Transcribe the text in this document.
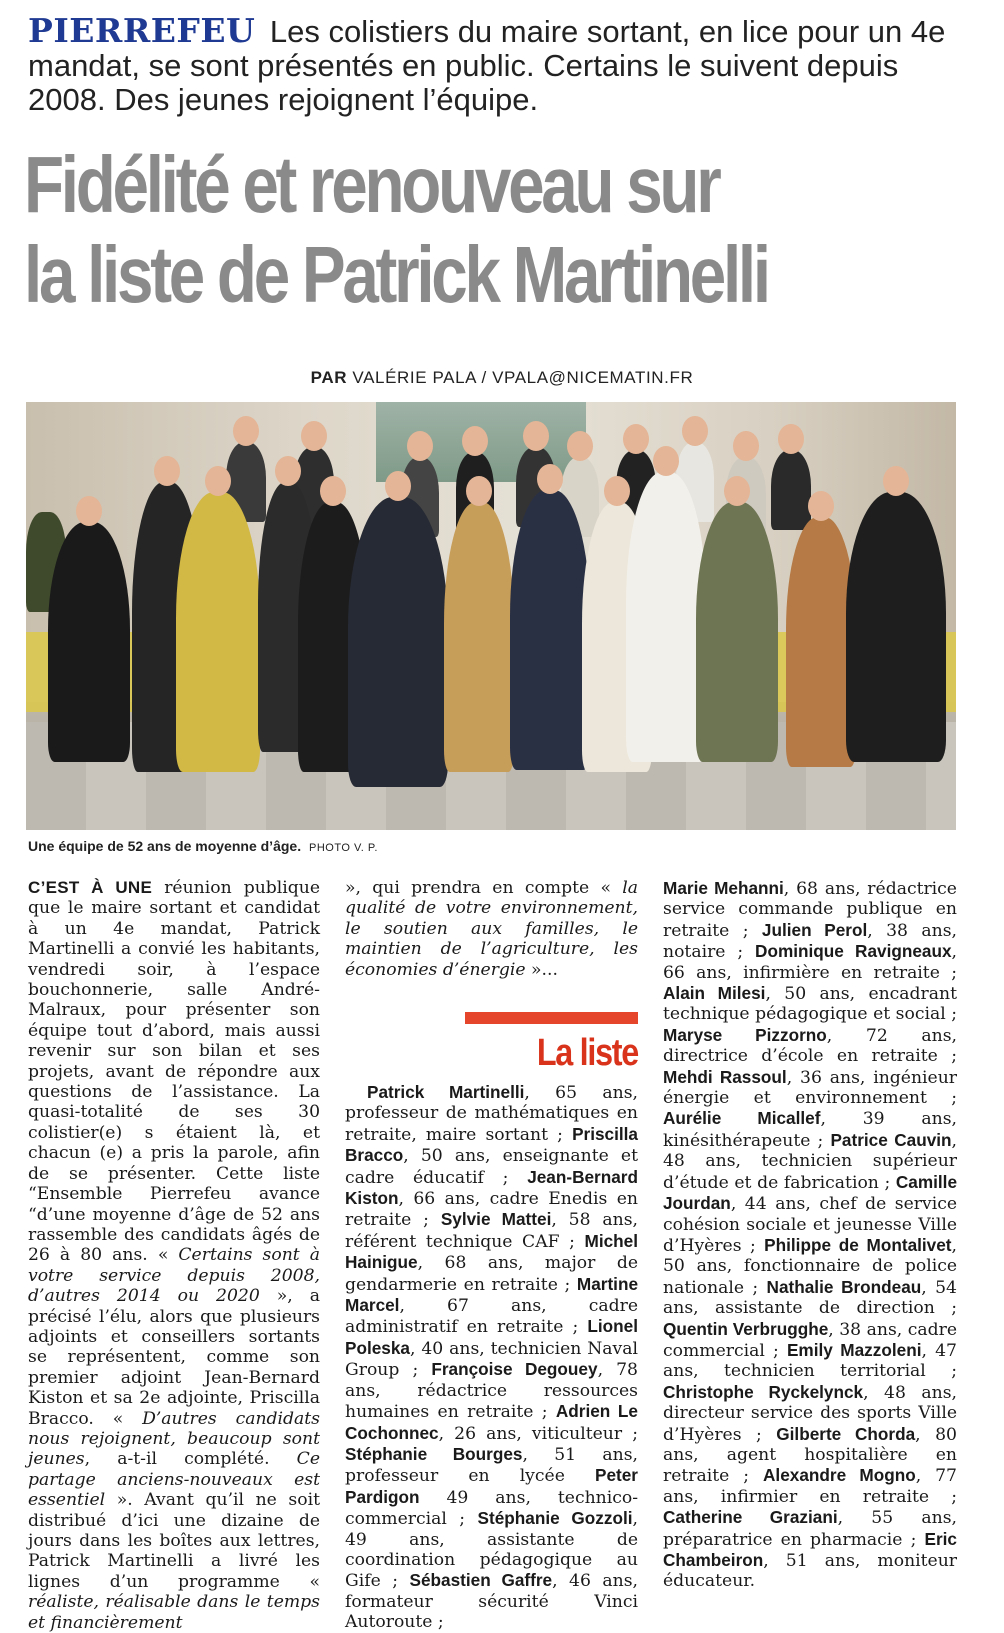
PIERREFEU Les colistiers du maire sortant, en lice pour un 4e mandat, se sont présentés en public. Certains le suivent depuis 2008. Des jeunes rejoignent l’équipe.
Fidélité et renouveau sur
la liste de Patrick Martinelli
PAR VALÉRIE PALA / VPALA@NICEMATIN.FR
Une équipe de 52 ans de moyenne d’âge. PHOTO V. P.
C’EST À UNE réunion publique que le maire sortant et candidat à un 4e mandat, Patrick Martinelli a convié les habitants, vendredi soir, à l’espace bouchonnerie, salle André-Malraux, pour présenter son équipe tout d’abord, mais aussi revenir sur son bilan et ses projets, avant de répondre aux questions de l’assistance. La quasi-totalité de ses 30 colistier(e) s étaient là, et chacun (e) a pris la parole, afin de se présenter. Cette liste “Ensemble Pierrefeu avance “d’une moyenne d’âge de 52 ans rassemble des candidats âgés de 26 à 80 ans. « Certains sont à votre service depuis 2008, d’autres 2014 ou 2020 », a précisé l’élu, alors que plusieurs adjoints et conseillers sortants se représentent, comme son premier adjoint Jean-Bernard Kiston et sa 2e adjointe, Priscilla Bracco. « D’autres candidats nous rejoignent, beaucoup sont jeunes, a-t-il complété. Ce partage anciens-nouveaux est essentiel ». Avant qu’il ne soit distribué d’ici une dizaine de jours dans les boîtes aux lettres, Patrick Martinelli a livré les lignes d’un programme « réaliste, réalisable dans le temps et financièrement
», qui prendra en compte « la qualité de votre environnement, le soutien aux familles, le maintien de l’agriculture, les économies d’énergie »...
La liste
Patrick Martinelli, 65 ans, professeur de mathématiques en retraite, maire sortant ; Priscilla Bracco, 50 ans, enseignante et cadre éducatif ; Jean-Bernard Kiston, 66 ans, cadre Enedis en retraite ; Sylvie Mattei, 58 ans, référent technique CAF ; Michel Hainigue, 68 ans, major de gendarmerie en retraite ; Martine Marcel, 67 ans, cadre administratif en retraite ; Lionel Poleska, 40 ans, technicien Naval Group ; Françoise Degouey, 78 ans, rédactrice ressources humaines en retraite ; Adrien Le Cochonnec, 26 ans, viticulteur ; Stéphanie Bourges, 51 ans, professeur en lycée Peter Pardigon 49 ans, technico-commercial ; Stéphanie Gozzoli, 49 ans, assistante de coordination pédagogique au Gife ; Sébastien Gaffre, 46 ans, formateur sécurité Vinci Autoroute ;
Marie Mehanni, 68 ans, rédactrice service commande publique en retraite ; Julien Perol, 38 ans, notaire ; Dominique Ravigneaux, 66 ans, infirmière en retraite ; Alain Milesi, 50 ans, encadrant technique pédagogique et social ; Maryse Pizzorno, 72 ans, directrice d’école en retraite ; Mehdi Rassoul, 36 ans, ingénieur énergie et environnement ; Aurélie Micallef, 39 ans, kinésithérapeute ; Patrice Cauvin, 48 ans, technicien supérieur d’étude et de fabrication ; Camille Jourdan, 44 ans, chef de service cohésion sociale et jeunesse Ville d’Hyères ; Philippe de Montalivet, 50 ans, fonctionnaire de police nationale ; Nathalie Brondeau, 54 ans, assistante de direction ; Quentin Verbrugghe, 38 ans, cadre commercial ; Emily Mazzoleni, 47 ans, technicien territorial ; Christophe Ryckelynck, 48 ans, directeur service des sports Ville d’Hyères ; Gilberte Chorda, 80 ans, agent hospitalière en retraite ; Alexandre Mogno, 77 ans, infirmier en retraite ; Catherine Graziani, 55 ans, préparatrice en pharmacie ; Eric Chambeiron, 51 ans, moniteur éducateur.
